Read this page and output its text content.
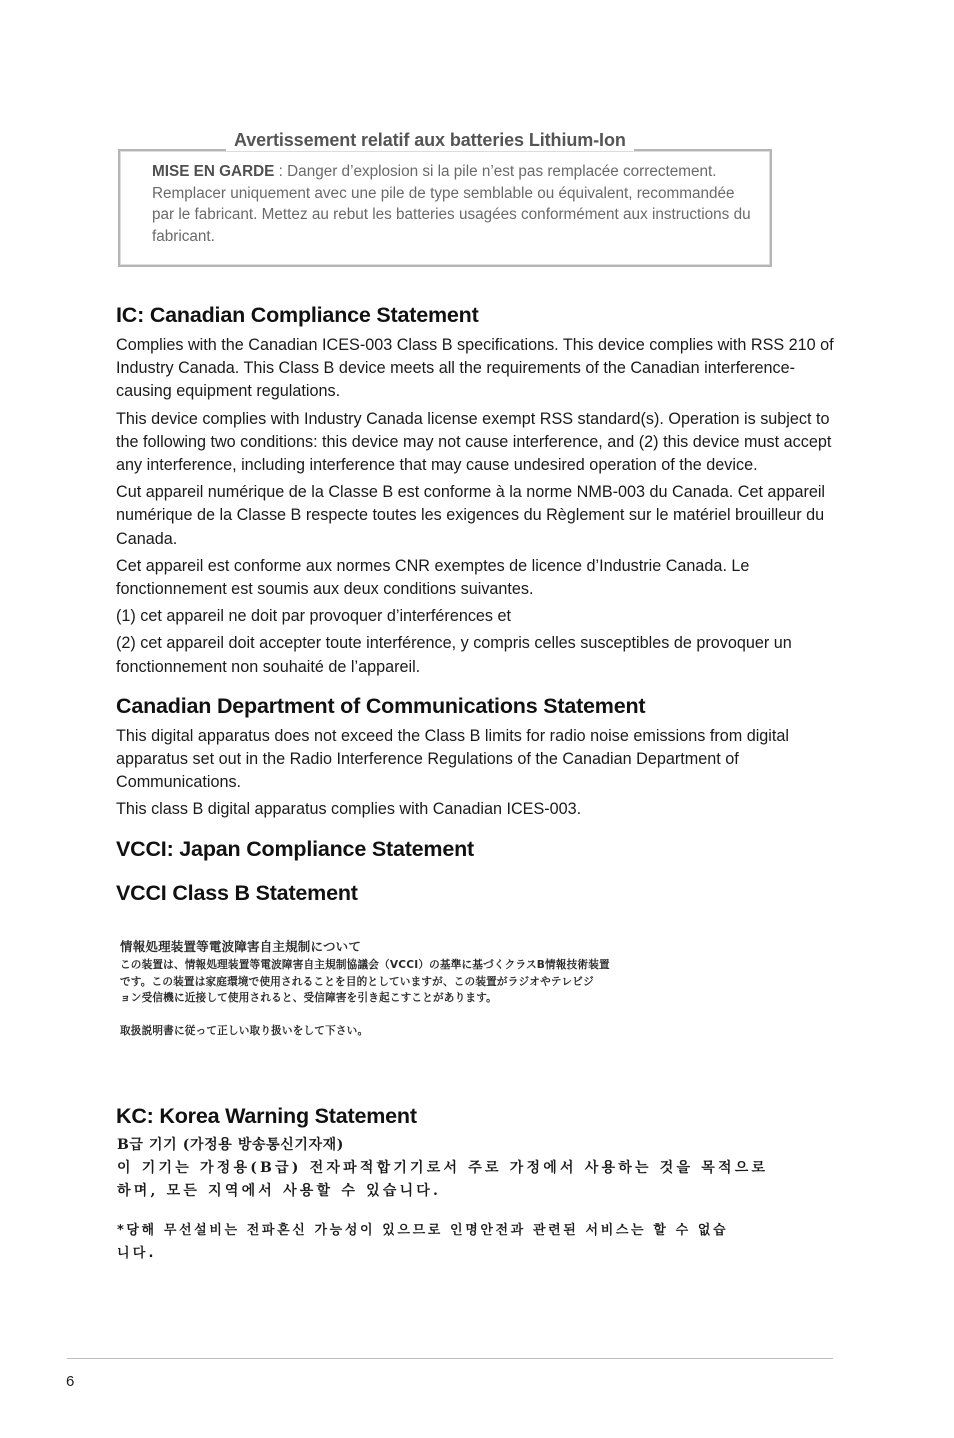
Avertissement relatif aux batteries Lithium-Ion
MISE EN GARDE : Danger d’explosion si la pile n’est pas remplacée correctement. Remplacer uniquement avec une pile de type semblable ou équivalent, recommandée par le fabricant. Mettez au rebut les batteries usagées conformément aux instructions du fabricant.
IC: Canadian Compliance Statement

Complies with the Canadian ICES-003 Class B specifications. This device complies with RSS 210 of Industry Canada. This Class B device meets all the requirements of the Canadian interference-causing equipment regulations.

This device complies with Industry Canada license exempt RSS standard(s). Operation is subject to the following two conditions: this device may not cause interference, and (2) this device must accept any interference, including interference that may cause undesired operation of the device.

Cut appareil numérique de la Classe B est conforme à la norme NMB-003 du Canada. Cet appareil numérique de la Classe B respecte toutes les exigences du Règlement sur le matériel brouilleur du Canada.

Cet appareil est conforme aux normes CNR exemptes de licence d’Industrie Canada. Le fonctionnement est soumis aux deux conditions suivantes.

(1) cet appareil ne doit par provoquer d’interférences et

(2) cet appareil doit accepter toute interférence, y compris celles susceptibles de provoquer un fonctionnement non souhaité de l’appareil.

Canadian Department of Communications Statement

This digital apparatus does not exceed the Class B limits for radio noise emissions from digital apparatus set out in the Radio Interference Regulations of the Canadian Department of Communications.

This class B digital apparatus complies with Canadian ICES-003.

VCCI: Japan Compliance Statement
VCCI Class B Statement
情報処理装置等電波障害自主規制について
この装置は、情報処理装置等電波障害自主規制協議会（VCCI）の基準に基づくクラスB情報技術装置
です。この装置は家庭環境で使用されることを目的としていますが、この装置がラジオやテレビジ
ョン受信機に近接して使用されると、受信障害を引き起こすことがあります。
取扱説明書に従って正しい取り扱いをして下さい。
KC: Korea Warning Statement
B급 기기 (가정용 방송통신기자재)
이 기기는 가정용(B급) 전자파적합기기로서 주로 가정에서 사용하는 것을 목적으로
하며, 모든 지역에서 사용할 수 있습니다.
*당해 무선설비는 전파혼신 가능성이 있으므로 인명안전과 관련된 서비스는 할 수 없습
니다.
6
